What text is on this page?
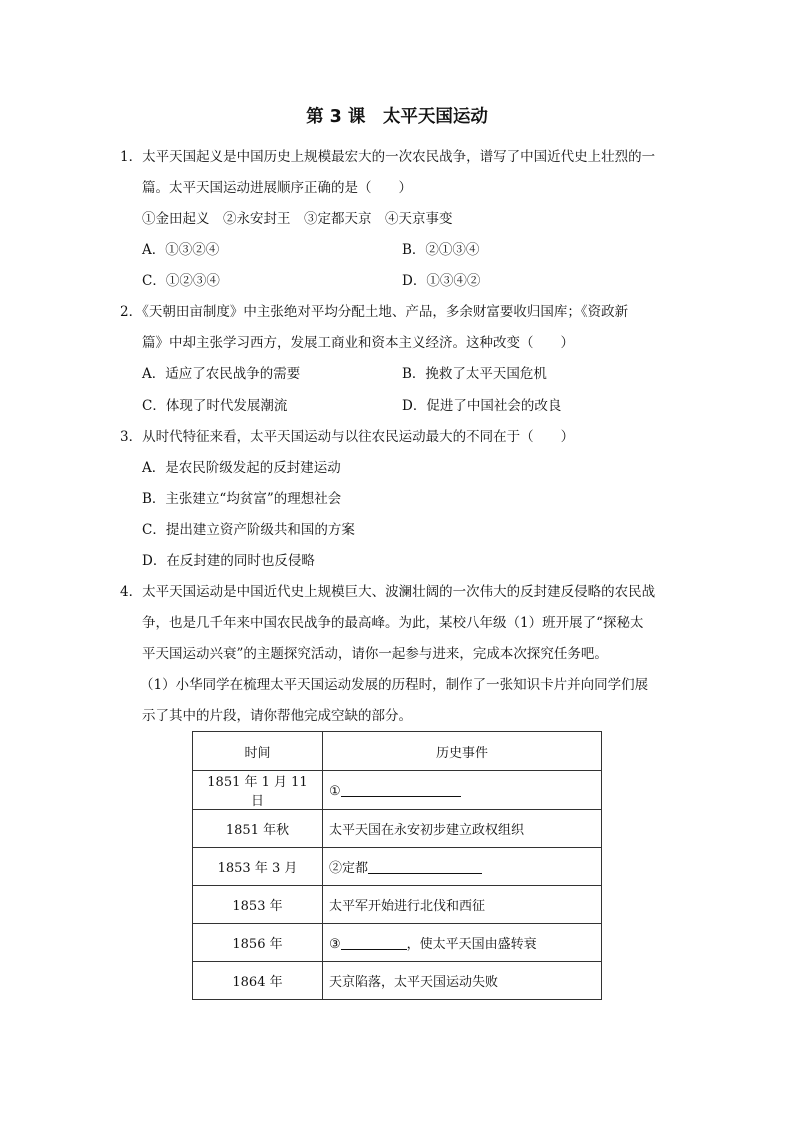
第 3 课　太平天国运动
1．太平天国起义是中国历史上规模最宏大的一次农民战争，谱写了中国近代史上壮烈的一
篇。太平天国运动进展顺序正确的是（　　）
①金田起义　②永安封王　③定都天京　④天京事变
A．①③②④	B．②①③④
C．①②③④	D．①③④②
2．《天朝田亩制度》中主张绝对平均分配土地、产品，多余财富要收归国库；《资政新
篇》中却主张学习西方，发展工商业和资本主义经济。这种改变（　　）
A．适应了农民战争的需要	B．挽救了太平天国危机
C．体现了时代发展潮流	D．促进了中国社会的改良
3．从时代特征来看，太平天国运动与以往农民运动最大的不同在于（　　）
A．是农民阶级发起的反封建运动
B．主张建立“均贫富”的理想社会
C．提出建立资产阶级共和国的方案
D．在反封建的同时也反侵略
4．太平天国运动是中国近代史上规模巨大、波澜壮阔的一次伟大的反封建反侵略的农民战
争，也是几千年来中国农民战争的最高峰。为此，某校八年级（1）班开展了“探秘太
平天国运动兴衰”的主题探究活动，请你一起参与进来，完成本次探究任务吧。
（1）小华同学在梳理太平天国运动发展的历程时，制作了一张知识卡片并向同学们展
示了其中的片段，请你帮他完成空缺的部分。
时间	历史事件
1851 年 1 月 11 日	①
1851 年秋	太平天国在永安初步建立政权组织
1853 年 3 月	②定都
1853 年	太平军开始进行北伐和西征
1856 年	③ ，使太平天国由盛转衰
1864 年	天京陷落，太平天国运动失败
